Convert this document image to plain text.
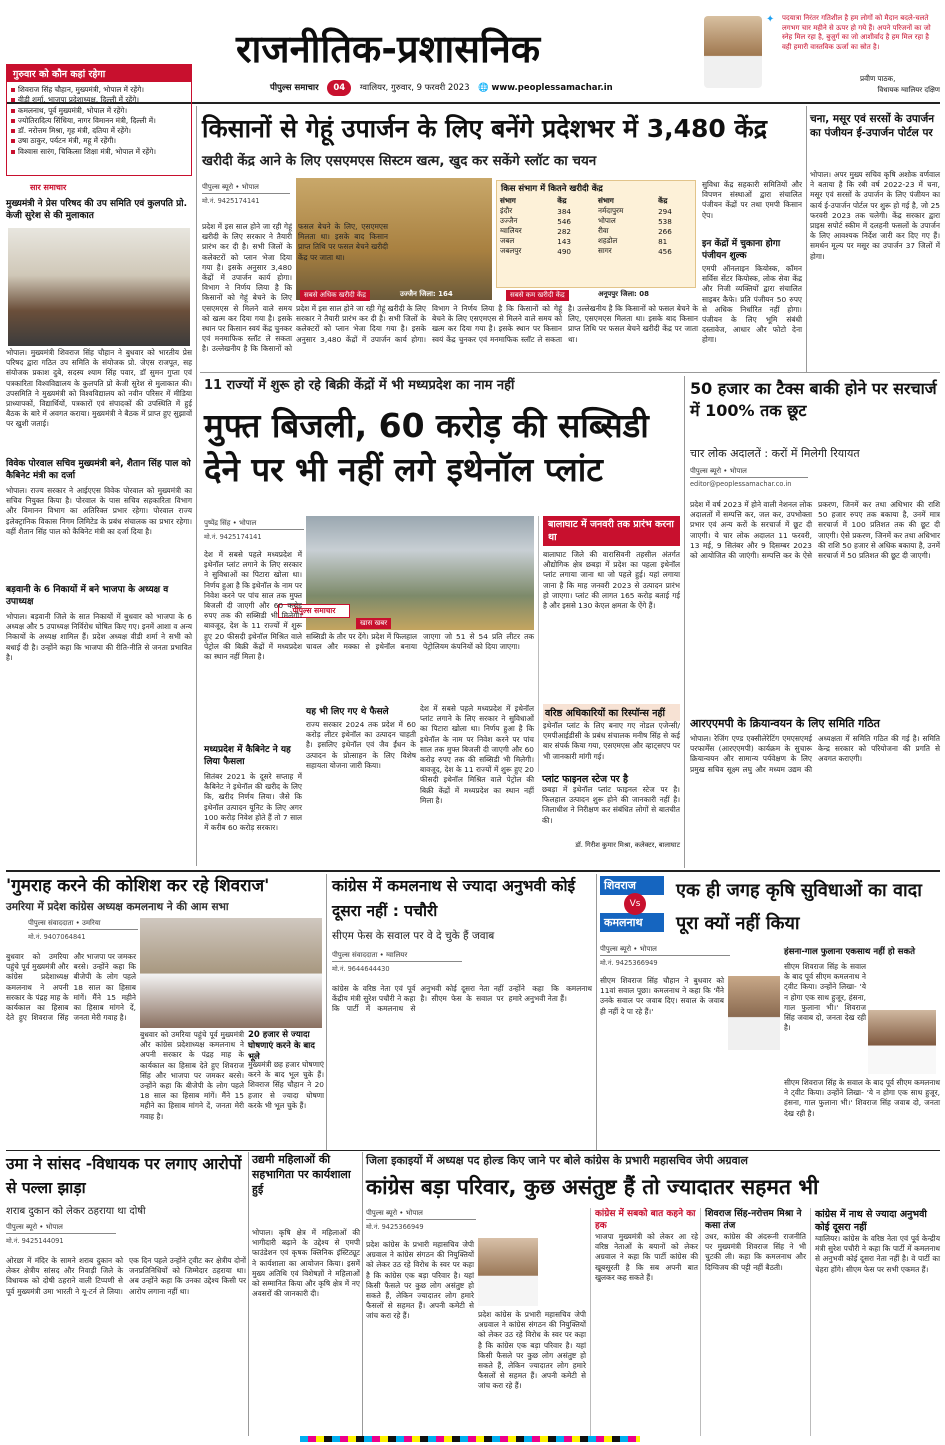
राजनीतिक-प्रशासनिक
पीपुल्स समाचार 04 ग्वालियर, गुरुवार, 9 फरवरी 2023 🌐 www.peoplessamachar.in
✦	पदयात्रा निरंतर गतिशील है हम लोगों को मैदान बदले-चलते लगभग चार महीने से ऊपर हो गये हैं। अपने परिजनों का जो स्नेह मिल रहा है, बुजुर्ग का जो आशीर्वाद है हम मिल रहा है वही हमारी वास्तविक ऊर्जा का स्रोत है।
प्रवीण पाठक,
विधायक ग्वालियर दक्षिण
गुरुवार को कौन कहां रहेगा
शिवराज सिंह चौहान, मुख्यमंत्री, भोपाल में रहेंगे।
वीडी शर्मा, भाजपा प्रदेशाध्यक्ष, दिल्ली में रहेंगे।
कमलनाथ, पूर्व मुख्यमंत्री, भोपाल में रहेंगे।
ज्योतिरादित्य सिंधिया, नागर विमानन मंत्री, दिल्ली में।
डॉ. नरोत्तम मिश्रा, गृह मंत्री, दतिया में रहेंगे।
उषा ठाकुर, पर्यटन मंत्री, महू में रहेंगी।
विश्वास सारंग, चिकित्सा शिक्षा मंत्री, भोपाल में रहेंगे।
सार समाचार
मुख्यमंत्री ने प्रेस परिषद की उप समिति एवं कुलपति प्रो. केजी सुरेश से की मुलाकात
भोपाल। मुख्यमंत्री शिवराज सिंह चौहान ने बुधवार को भारतीय प्रेस परिषद द्वारा गठित उप समिति के संयोजक प्रो. जेएस राजपूत, सह संयोजक प्रकाश दुबे, सदस्य श्याम सिंह पवार, डॉ सुमन गुप्ता एवं पत्रकारिता विश्वविद्यालय के कुलपति प्रो केजी सुरेश से मुलाकात की। उपसमिति ने मुख्यमंत्री को विश्वविद्यालय को नवीन परिसर में मीडिया प्राध्यापकों, विद्यार्थियों, पत्रकारों एवं संपादकों की उपस्थिति में हुई बैठक के बारे में अवगत कराया। मुख्यमंत्री ने बैठक में प्राप्त हुए सुझावों पर खुशी जताई।
विवेक पोरवाल सचिव मुख्यमंत्री बने, शैतान सिंह पाल को कैबिनेट मंत्री का दर्जा
भोपाल। राज्य सरकार ने आईएएस विवेक पोरवाल को मुख्यमंत्री का सचिव नियुक्त किया है। पोरवाल के पास सचिव सहकारिता विभाग और विमानन विभाग का अतिरिक्त प्रभार रहेगा। पोरवाल राज्य इलेक्ट्रानिक विकास निगम लिमिटेड के प्रबंध संचालक का प्रभार रहेगा। वहीं शैतान सिंह पाल को कैबिनेट मंत्री का दर्जा दिया है।
बड़वानी के 6 निकायों में बने भाजपा के अध्यक्ष व उपाध्यक्ष
भोपाल। बड़वानी जिले के सात निकायों में बुधवार को भाजपा के 6 अध्यक्ष और 5 उपाध्यक्ष निर्विरोध घोषित किए गए। इनमें आशा व अन्य निकायों के अध्यक्ष शामिल हैं। प्रदेश अध्यक्ष वीडी शर्मा ने सभी को बधाई दी है। उन्होंने कहा कि भाजपा की रीति-नीति से जनता प्रभावित है।
किसानों से गेहूं उपार्जन के लिए बनेंगे प्रदेशभर में 3,480 केंद्र
खरीदी केंद्र आने के लिए एसएमएस सिस्टम खत्म, खुद कर सकेंगे स्लॉट का चयन
पीपुल्स ब्यूरो • भोपाल
मो.नं. 9425174141
सबसे अधिक खरीदी केंद्र	उज्जैन जिला: 164	सबसे कम खरीदी केंद्र	अनूपपुर जिला: 08
किस संभाग में कितने खरीदी केंद्र
संभाग	केंद्र
इंदौर	384
उज्जैन	546
ग्वालियर	282
जबल	143
जबलपुर	490
संभाग	केंद्र
नर्मदापुरम	294
भोपाल	538
रीवा	266
शहडोल	81
सागर	456
प्रदेश में इस साल होने जा रही गेहूं खरीदी के लिए सरकार ने तैयारी प्रारंभ कर दी है। सभी जिलों के कलेक्टरों को प्लान भेजा दिया गया है। इसके अनुसार 3,480 केंद्रों में उपार्जन कार्य होगा। विभाग ने निर्णय लिया है कि किसानों को गेहूं बेचने के लिए एसएमएस से मिलने वाले समय को खत्म कर दिया गया है। इसके स्थान पर किसान स्वयं केंद्र चुनकर एवं मनमाफिक स्लॉट ले सकता है। उल्लेखनीय है कि किसानों को
प्रदेश में इस साल होने जा रही गेहूं खरीदी के लिए सरकार ने तैयारी प्रारंभ कर दी है। सभी जिलों के कलेक्टरों को प्लान भेजा दिया गया है। इसके अनुसार 3,480 केंद्रों में उपार्जन कार्य होगा। विभाग ने निर्णय लिया है कि किसानों को गेहूं बेचने के लिए एसएमएस से मिलने वाले समय को खत्म कर दिया गया है। इसके स्थान पर किसान स्वयं केंद्र चुनकर एवं मनमाफिक स्लॉट ले सकता है। उल्लेखनीय है कि किसानों को फसल बेचने के लिए, एसएमएस मिलता था। इसके बाद किसान प्राप्त तिथि पर फसल बेचने खरीदी केंद्र पर जाता था।
सुविधा केंद्र सहकारी समितियों और विपणन संस्थाओं द्वारा संचालित पंजीयन केंद्रों पर तथा एमपी किसान ऐप।
इन केंद्रों में चुकाना होगा पंजीयन शुल्क
एमपी ऑनलाइन कियोस्क, कॉमन सर्विस सेंटर कियोस्क, लोक सेवा केंद्र और निजी व्यक्तियों द्वारा संचालित साइबर कैफे। प्रति पंजीयन 50 रुपए से अधिक निर्धारित नहीं होगा। पंजीयन के लिए भूमि संबंधी दस्तावेज, आधार और फोटो देना होगा।
चना, मसूर एवं सरसों के उपार्जन का पंजीयन ई-उपार्जन पोर्टल पर
भोपाल। अपर मुख्य सचिव कृषि अशोक वर्णवाल ने बताया है कि रबी वर्ष 2022-23 में चना, मसूर एवं सरसों के उपार्जन के लिए पंजीयन का कार्य ई-उपार्जन पोर्टल पर शुरू हो गई है, जो 25 फरवरी 2023 तक चलेगी। केंद्र सरकार द्वारा प्राइस सपोर्ट स्कीम में दलहनी फसलों के उपार्जन के लिए आवश्यक निर्देश जारी कर दिए गए हैं। समर्थन मूल्य पर मसूर का उपार्जन 37 जिलों में होगा।
11 राज्यों में शुरू हो रहे बिक्री केंद्रों में भी मध्यप्रदेश का नाम नहीं
मुफ्त बिजली, 60 करोड़ की सब्सिडी देने पर भी नहीं लगे इथेनॉल प्लांट
पुष्पेंद्र सिंह • भोपाल
मो.नं. 9425174141
पीपुल्स समाचार
खास खबर
देश में सबसे पहले मध्यप्रदेश में इथेनॉल प्लांट लगाने के लिए सरकार ने सुविधाओं का पिटारा खोला था। निर्णय हुआ है कि इथेनॉल के नाम पर निवेश करने पर पांच साल तक मुफ्त बिजली दी जाएगी और 60 करोड़ रुपए तक की सब्सिडी भी मिलेगी। बावजूद, देश के 11 राज्यों में शुरू हुए 20 फीसदी इथेनॉल मिश्रित वाले पेट्रोल की बिक्री केंद्रों में मध्यप्रदेश का स्थान नहीं मिला है।
सब्सिडी के तौर पर देंगे। प्रदेश में फिलहाल चावल और मक्का से इथेनॉल बनाया जाएगा जो 51 से 54 प्रति लीटर तक पेट्रोलियम कंपनियों को दिया जाएगा।
यह भी लिए गए थे फैसले
राज्य सरकार 2024 तक प्रदेश में 60 करोड़ लीटर इथेनॉल का उत्पादन चाहती है। इसलिए इथेनॉल एवं जैव ईंधन के उत्पादन के प्रोत्साहन के लिए विशेष सहायता योजना जारी किया।
मध्यप्रदेश में कैबिनेट ने यह लिया फैसला
सितंबर 2021 के दूसरे सप्ताह में कैबिनेट ने इथेनॉल की खरीद के लिए कि, खरीद निर्णय लिया। जैसे कि इथेनॉल उत्पादन यूनिट के लिए अगर 100 करोड़ निवेश होते हैं तो 7 साल में करीब 60 करोड़ सरकार।
देश में सबसे पहले मध्यप्रदेश में इथेनॉल प्लांट लगाने के लिए सरकार ने सुविधाओं का पिटारा खोला था। निर्णय हुआ है कि इथेनॉल के नाम पर निवेश करने पर पांच साल तक मुफ्त बिजली दी जाएगी और 60 करोड़ रुपए तक की सब्सिडी भी मिलेगी। बावजूद, देश के 11 राज्यों में शुरू हुए 20 फीसदी इथेनॉल मिश्रित वाले पेट्रोल की बिक्री केंद्रों में मध्यप्रदेश का स्थान नहीं मिला है।
बालाघाट में जनवरी तक प्रारंभ करना था
बालाघाट जिले की वारासिवनी तहसील अंतर्गत औद्योगिक क्षेत्र छबड़ा में प्रदेश का पहला इथेनॉल प्लांट लगाया जाना था जो पहले हुई। यहां लगाया जाना है कि माह जनवरी 2023 से उत्पादन प्रारंभ हो जाएगा। प्लांट की लागत 165 करोड़ बताई गई है और इससे 130 केएल क्षमता के ऐंगे हैं।
वरिष्ठ अधिकारियों का रिस्पॉन्स नहीं
इथेनॉल प्लांट के लिए बनाए गए नोडल एजेन्सी/एमपीआईडीसी के प्रबंध संचालक मनीष सिंह से कई बार संपर्क किया गया, एसएमएस और व्हाट्सएप पर भी जानकारी मांगी गई।
प्लांट फाइनल स्टेज पर है
छबड़ा में इथेनॉल प्लांट फाइनल स्टेज पर है। फिलहाल उत्पादन शुरू होने की जानकारी नहीं है। जिलाधीश ने निरीक्षण कर संबंधित लोगों से बातचीत की।
डॉ. गिरीश कुमार मिश्रा, कलेक्टर, बालाघाट
50 हजार का टैक्स बाकी होने पर सरचार्ज में 100% तक छूट
चार लोक अदालतें : करों में मिलेगी रियायत
पीपुल्स ब्यूरो • भोपाल
editor@peoplessamachar.co.in
प्रदेश में वर्ष 2023 में होने वाली नेशनल लोक अदालतों में सम्पत्ति कर, जल कर, उपभोक्ता प्रभार एवं अन्य करों के सरचार्ज में छूट दी जाएगी। ये चार लोक अदालत 11 फरवरी, 13 मई, 9 सितंबर और 9 दिसम्बर 2023 को आयोजित की जाएंगी। सम्पत्ति कर के ऐसे प्रकरण, जिनमें कर तथा अधिभार की राशि 50 हजार रुपए तक बकाया है, उनमें मात्र सरचार्ज में 100 प्रतिशत तक की छूट दी जाएगी। ऐसे प्रकरण, जिनमें कर तथा अधिभार की राशि 50 हजार से अधिक बकाया है, उनमें सरचार्ज में 50 प्रतिशत की छूट दी जाएगी।
आरएएमपी के क्रियान्वयन के लिए समिति गठित
भोपाल। रेजिंग एण्ड एक्सीलेरेटिंग एमएसएमई परफार्मेंस (आरएएमपी) कार्यक्रम के सुचारू क्रियान्वयन और सामान्य पर्यवेक्षण के लिए प्रमुख सचिव सूक्ष्म लघु और मध्यम उद्यम की अध्यक्षता में समिति गठित की गई है। समिति केन्द्र सरकार को परियोजना की प्रगति से अवगत कराएगी।
'गुमराह करने की कोशिश कर रहे शिवराज'
उमरिया में प्रदेश कांग्रेस अध्यक्ष कमलनाथ ने की आम सभा
पीपुल्स संवाददाता • उमरिया
मो.नं. 9407064841
बुधवार को उमरिया पहुंचे पूर्व मुख्यमंत्री और कांग्रेस प्रदेशाध्यक्ष कमलनाथ ने अपनी सरकार के पंद्रह माह के कार्यकाल का हिसाब देते हुए शिवराज सिंह और भाजपा पर जमकर बरसे। उन्होंने कहा कि बीजेपी के लोग पहले 18 साल का हिसाब मांगें। मैंने 15 महीने का हिसाब मांगने दें, जनता मेरी गवाह है।
बुधवार को उमरिया पहुंचे पूर्व मुख्यमंत्री और कांग्रेस प्रदेशाध्यक्ष कमलनाथ ने अपनी सरकार के पंद्रह माह के कार्यकाल का हिसाब देते हुए शिवराज सिंह और भाजपा पर जमकर बरसे। उन्होंने कहा कि बीजेपी के लोग पहले 18 साल का हिसाब मांगें। मैंने 15 महीने का हिसाब मांगने दें, जनता मेरी गवाह है।
20 हजार से ज्यादा घोषणाएं करने के बाद भूले
मुख्यमंत्री छह हजार घोषणाएं करने के बाद भूल चुके हैं। शिवराज सिंह चौहान ने 20 हजार से ज्यादा घोषणा करके भी भूल चुके हैं।
कांग्रेस में कमलनाथ से ज्यादा अनुभवी कोई दूसरा नहीं : पचौरी
सीएम फेस के सवाल पर वे दे चुके हैं जवाब
पीपुल्स संवाददाता • ग्वालियर
मो.नं. 9644644430
कांग्रेस के वरिष्ठ नेता एवं पूर्व केंद्रीय मंत्री सुरेश पचौरी ने कहा कि पार्टी में कमलनाथ से अनुभवी कोई दूसरा नेता नहीं है। सीएम फेस के सवाल पर उन्होंने कहा कि कमलनाथ हमारे अनुभवी नेता हैं।
शिवराज
Vs
कमलनाथ
एक ही जगह कृषि सुविधाओं का वादा पूरा क्यों नहीं किया
पीपुल्स ब्यूरो • भोपाल
मो.नं. 9425366949
सीएम शिवराज सिंह चौहान ने बुधवार को 11वां सवाल पूछा। कमलनाथ ने कहा कि 'मैंने उनके सवाल पर जवाब दिए। सवाल के जवाब ही नहीं दे पा रहे हैं।'
हंसना-गाल फुलाना एकसाथ नहीं हो सकते
सीएम शिवराज सिंह के सवाल के बाद पूर्व सीएम कमलनाथ ने ट्वीट किया। उन्होंने लिखा- 'ये न होगा एक साथ हुजूर, हंसना, गाल फुलाना भी।' शिवराज सिंह जवाब दो, जनता देख रही है।
सीएम शिवराज सिंह के सवाल के बाद पूर्व सीएम कमलनाथ ने ट्वीट किया। उन्होंने लिखा- 'ये न होगा एक साथ हुजूर, हंसना, गाल फुलाना भी।' शिवराज सिंह जवाब दो, जनता देख रही है।
उमा ने सांसद -विधायक पर लगाए आरोपों से पल्ला झाड़ा
शराब दुकान को लेकर ठहराया था दोषी
पीपुल्स ब्यूरो • भोपाल
मो.नं. 9425144091
ओरछा में मंदिर के सामने शराब दुकान को लेकर क्षेत्रीय सांसद और निवाड़ी जिले के विधायक को दोषी ठहराने वाली टिप्पणी से पूर्व मुख्यमंत्री उमा भारती ने यू-टर्न ले लिया। एक दिन पहले उन्होंने ट्वीट कर क्षेत्रीय दोनों जनप्रतिनिधियों को जिम्मेदार ठहराया था। अब उन्होंने कहा कि उनका उद्देश्य किसी पर आरोप लगाना नहीं था।
उद्यमी महिलाओं की सहभागिता पर कार्यशाला हुई
भोपाल। कृषि क्षेत्र में महिलाओं की भागीदारी बढ़ाने के उद्देश्य से एमपी फाउंडेशन एवं कृषक क्लिनिक इंस्टिट्यूट ने कार्यशाला का आयोजन किया। इसमें मुख्य अतिथि एवं विशेषज्ञों ने महिलाओं को सम्मानित किया और कृषि क्षेत्र में नए अवसरों की जानकारी दी।
जिला इकाइयों में अध्यक्ष पद होल्ड किए जाने पर बोले कांग्रेस के प्रभारी महासचिव जेपी अग्रवाल
कांग्रेस बड़ा परिवार, कुछ असंतुष्ट हैं तो ज्यादातर सहमत भी
पीपुल्स ब्यूरो • भोपाल
मो.नं. 9425366949
प्रदेश कांग्रेस के प्रभारी महासचिव जेपी अग्रवाल ने कांग्रेस संगठन की नियुक्तियों को लेकर उठ रहे विरोध के स्वर पर कहा है कि कांग्रेस एक बड़ा परिवार है। यहां किसी फैसले पर कुछ लोग असंतुष्ट हो सकते हैं, लेकिन ज्यादातर लोग हमारे फैसलों से सहमत हैं। अपनी कमेटी से जांच करा रहे हैं।	प्रदेश कांग्रेस के प्रभारी महासचिव जेपी अग्रवाल ने कांग्रेस संगठन की नियुक्तियों को लेकर उठ रहे विरोध के स्वर पर कहा है कि कांग्रेस एक बड़ा परिवार है। यहां किसी फैसले पर कुछ लोग असंतुष्ट हो सकते हैं, लेकिन ज्यादातर लोग हमारे फैसलों से सहमत हैं। अपनी कमेटी से जांच करा रहे हैं।
कांग्रेस में सबको बात कहने का हक
भाजपा मुख्यमंत्री को लेकर आ रहे वरिष्ठ नेताओं के बयानों को लेकर अग्रवाल ने कहा कि पार्टी कांग्रेस की खूबसूरती है कि सब अपनी बात खुलकर कह सकते हैं।
शिवराज सिंह-नरोत्तम मिश्रा ने कसा तंज
उधर, कांग्रेस की अंदरूनी राजनीति पर मुख्यमंत्री शिवराज सिंह ने भी चुटकी ली। कहा कि कमलनाथ और दिग्विजय की पट्टी नहीं बैठती।
कांग्रेस में नाथ से ज्यादा अनुभवी कोई दूसरा नहीं
ग्वालियर। कांग्रेस के वरिष्ठ नेता एवं पूर्व केन्द्रीय मंत्री सुरेश पचौरी ने कहा कि पार्टी में कमलनाथ से अनुभवी कोई दूसरा नेता नहीं है। वे पार्टी का चेहरा होंगे। सीएम फेस पर सभी एकमत हैं।
